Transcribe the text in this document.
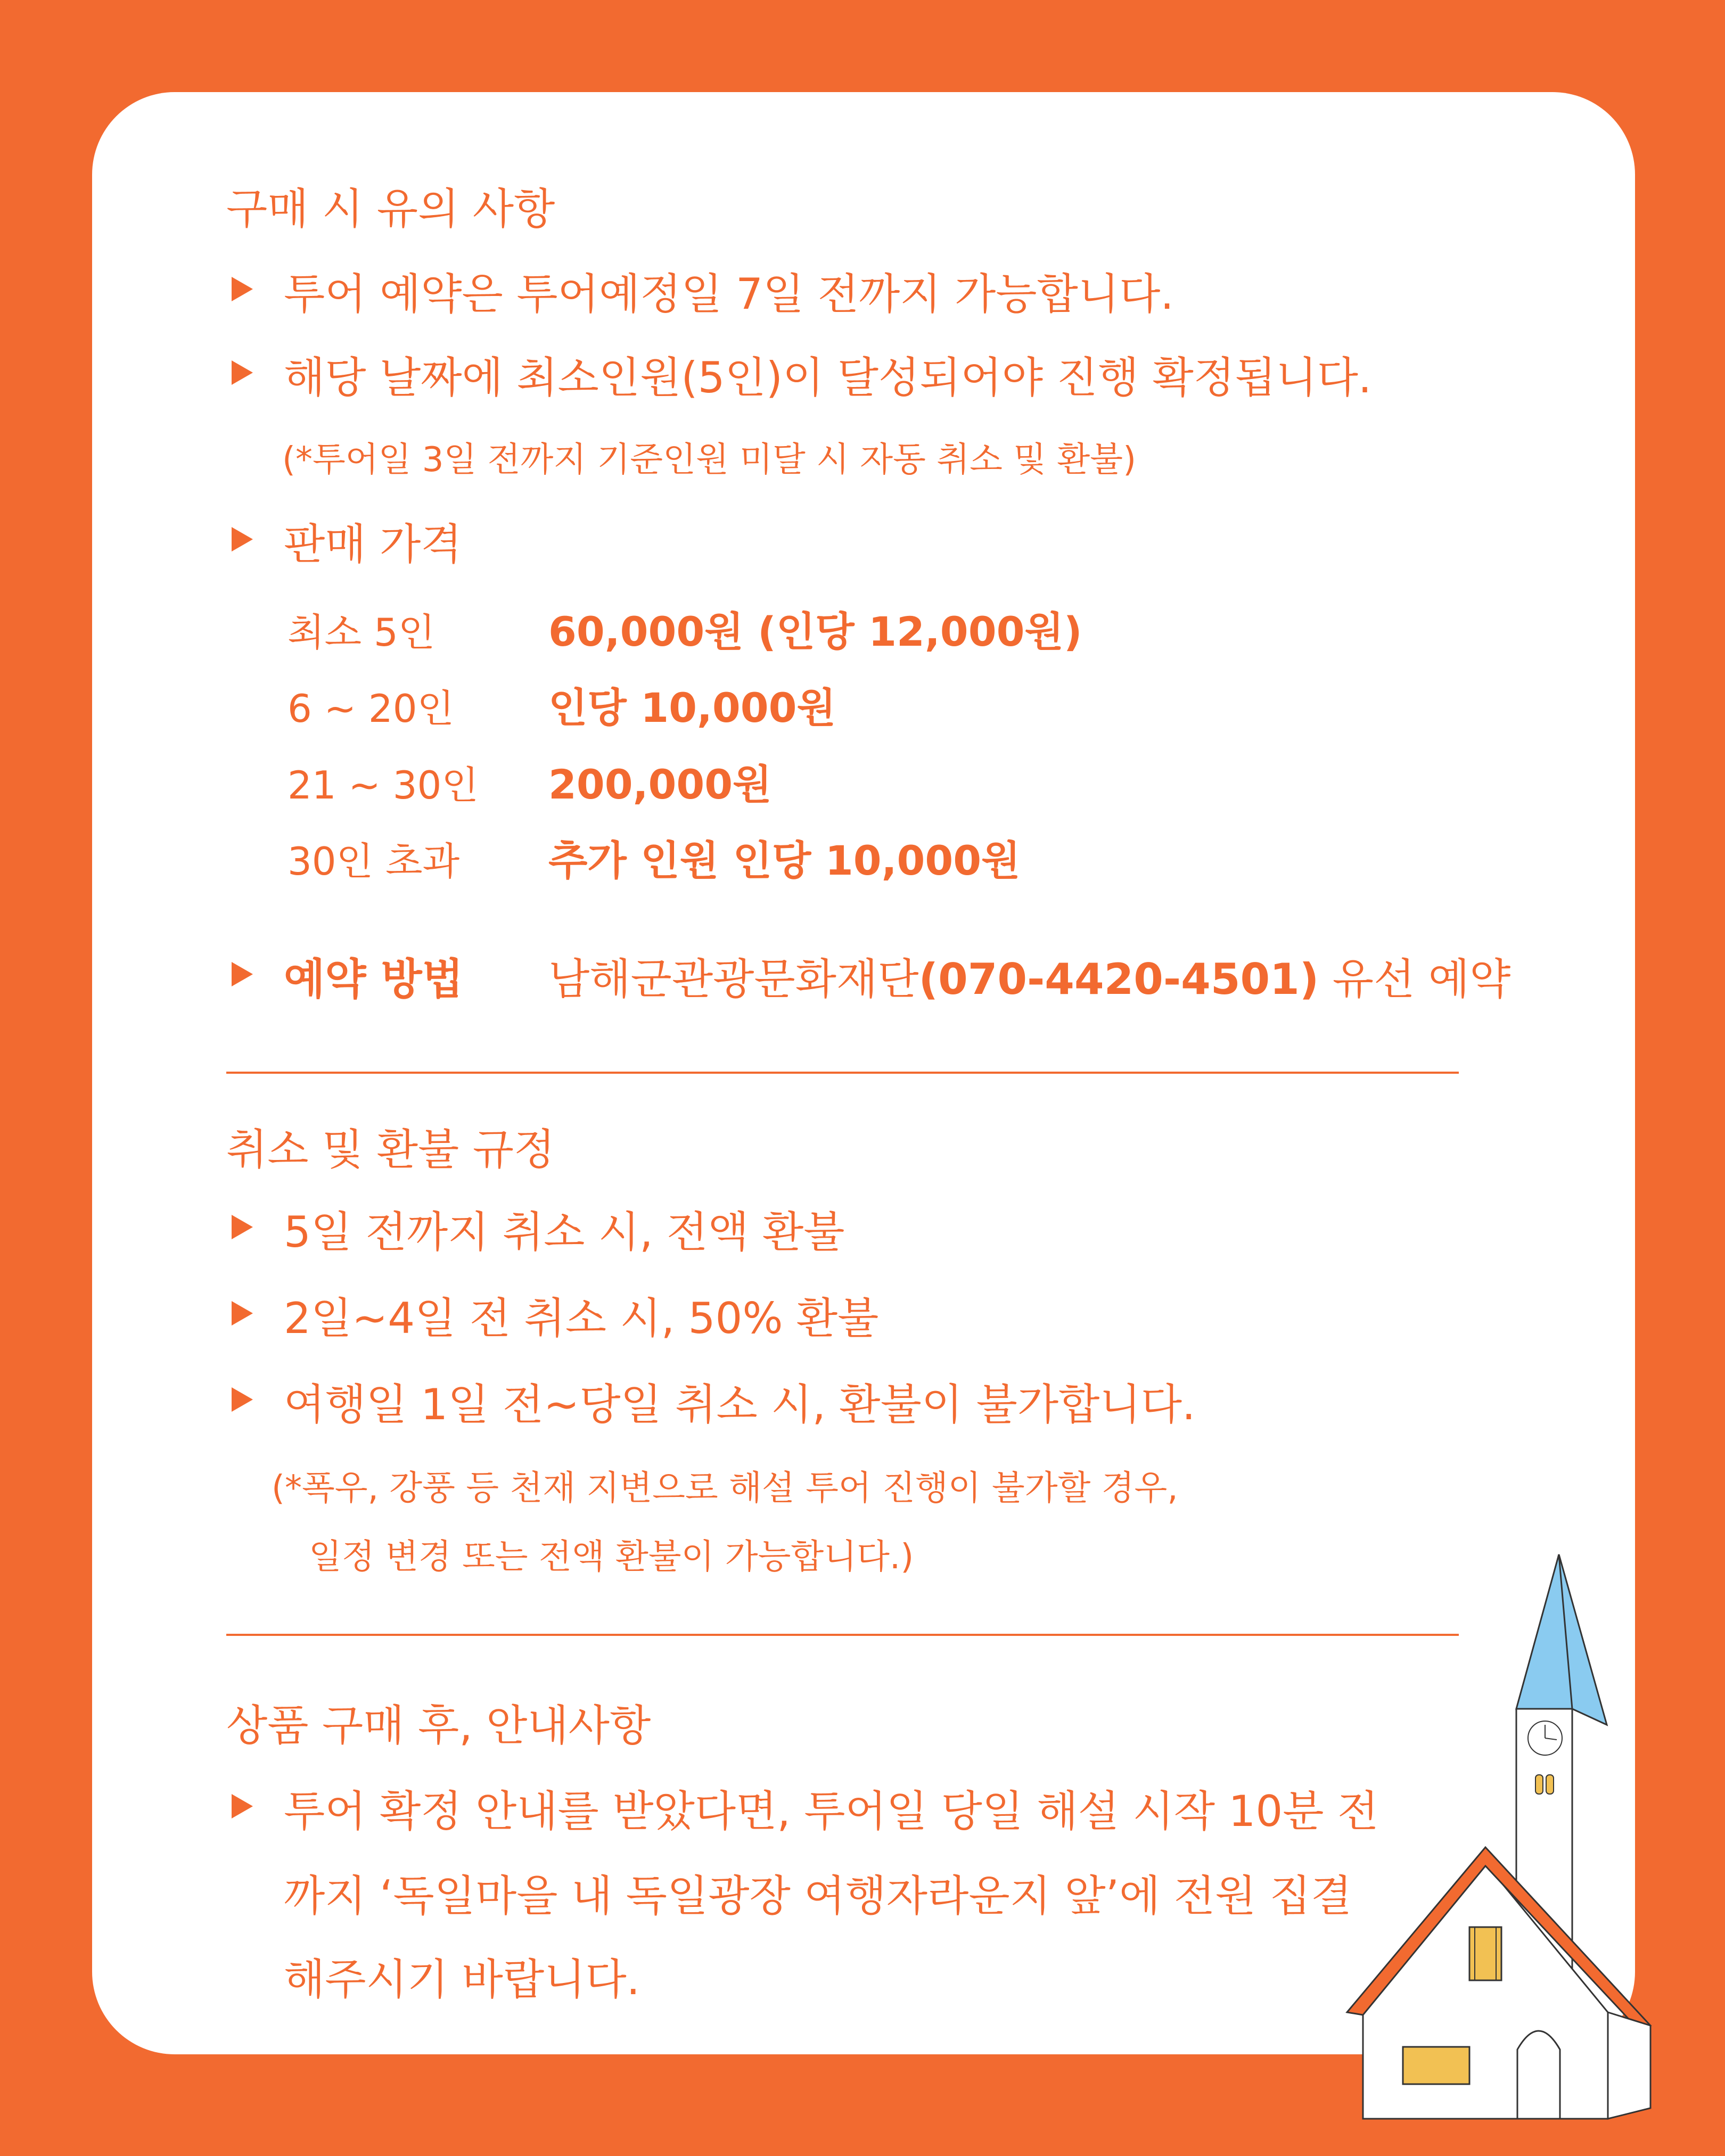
구매 시 유의 사항
투어 예약은 투어예정일 7일 전까지 가능합니다.
해당 날짜에 최소인원(5인)이 달성되어야 진행 확정됩니다.
(*투어일 3일 전까지 기준인원 미달 시 자동 취소 및 환불)
판매 가격
최소 5인	60,000원 (인당 12,000원)
6 ~ 20인 인당 10,000원
21 ~ 30인 200,000원
30인 초과 추가 인원 인당 10,000원
예약 방법 남해군관광문화재단(070-4420-4501) 유선 예약
취소 및 환불 규정
5일 전까지 취소 시, 전액 환불
2일~4일 전 취소 시, 50% 환불
여행일 1일 전~당일 취소 시, 환불이 불가합니다.
(*폭우, 강풍 등 천재 지변으로 해설 투어 진행이 불가할 경우,
일정 변경 또는 전액 환불이 가능합니다.)
상품 구매 후, 안내사항
투어 확정 안내를 받았다면, 투어일 당일 해설 시작 10분 전
까지 ‘독일마을 내 독일광장 여행자라운지 앞’에 전원 집결
해주시기 바랍니다.
